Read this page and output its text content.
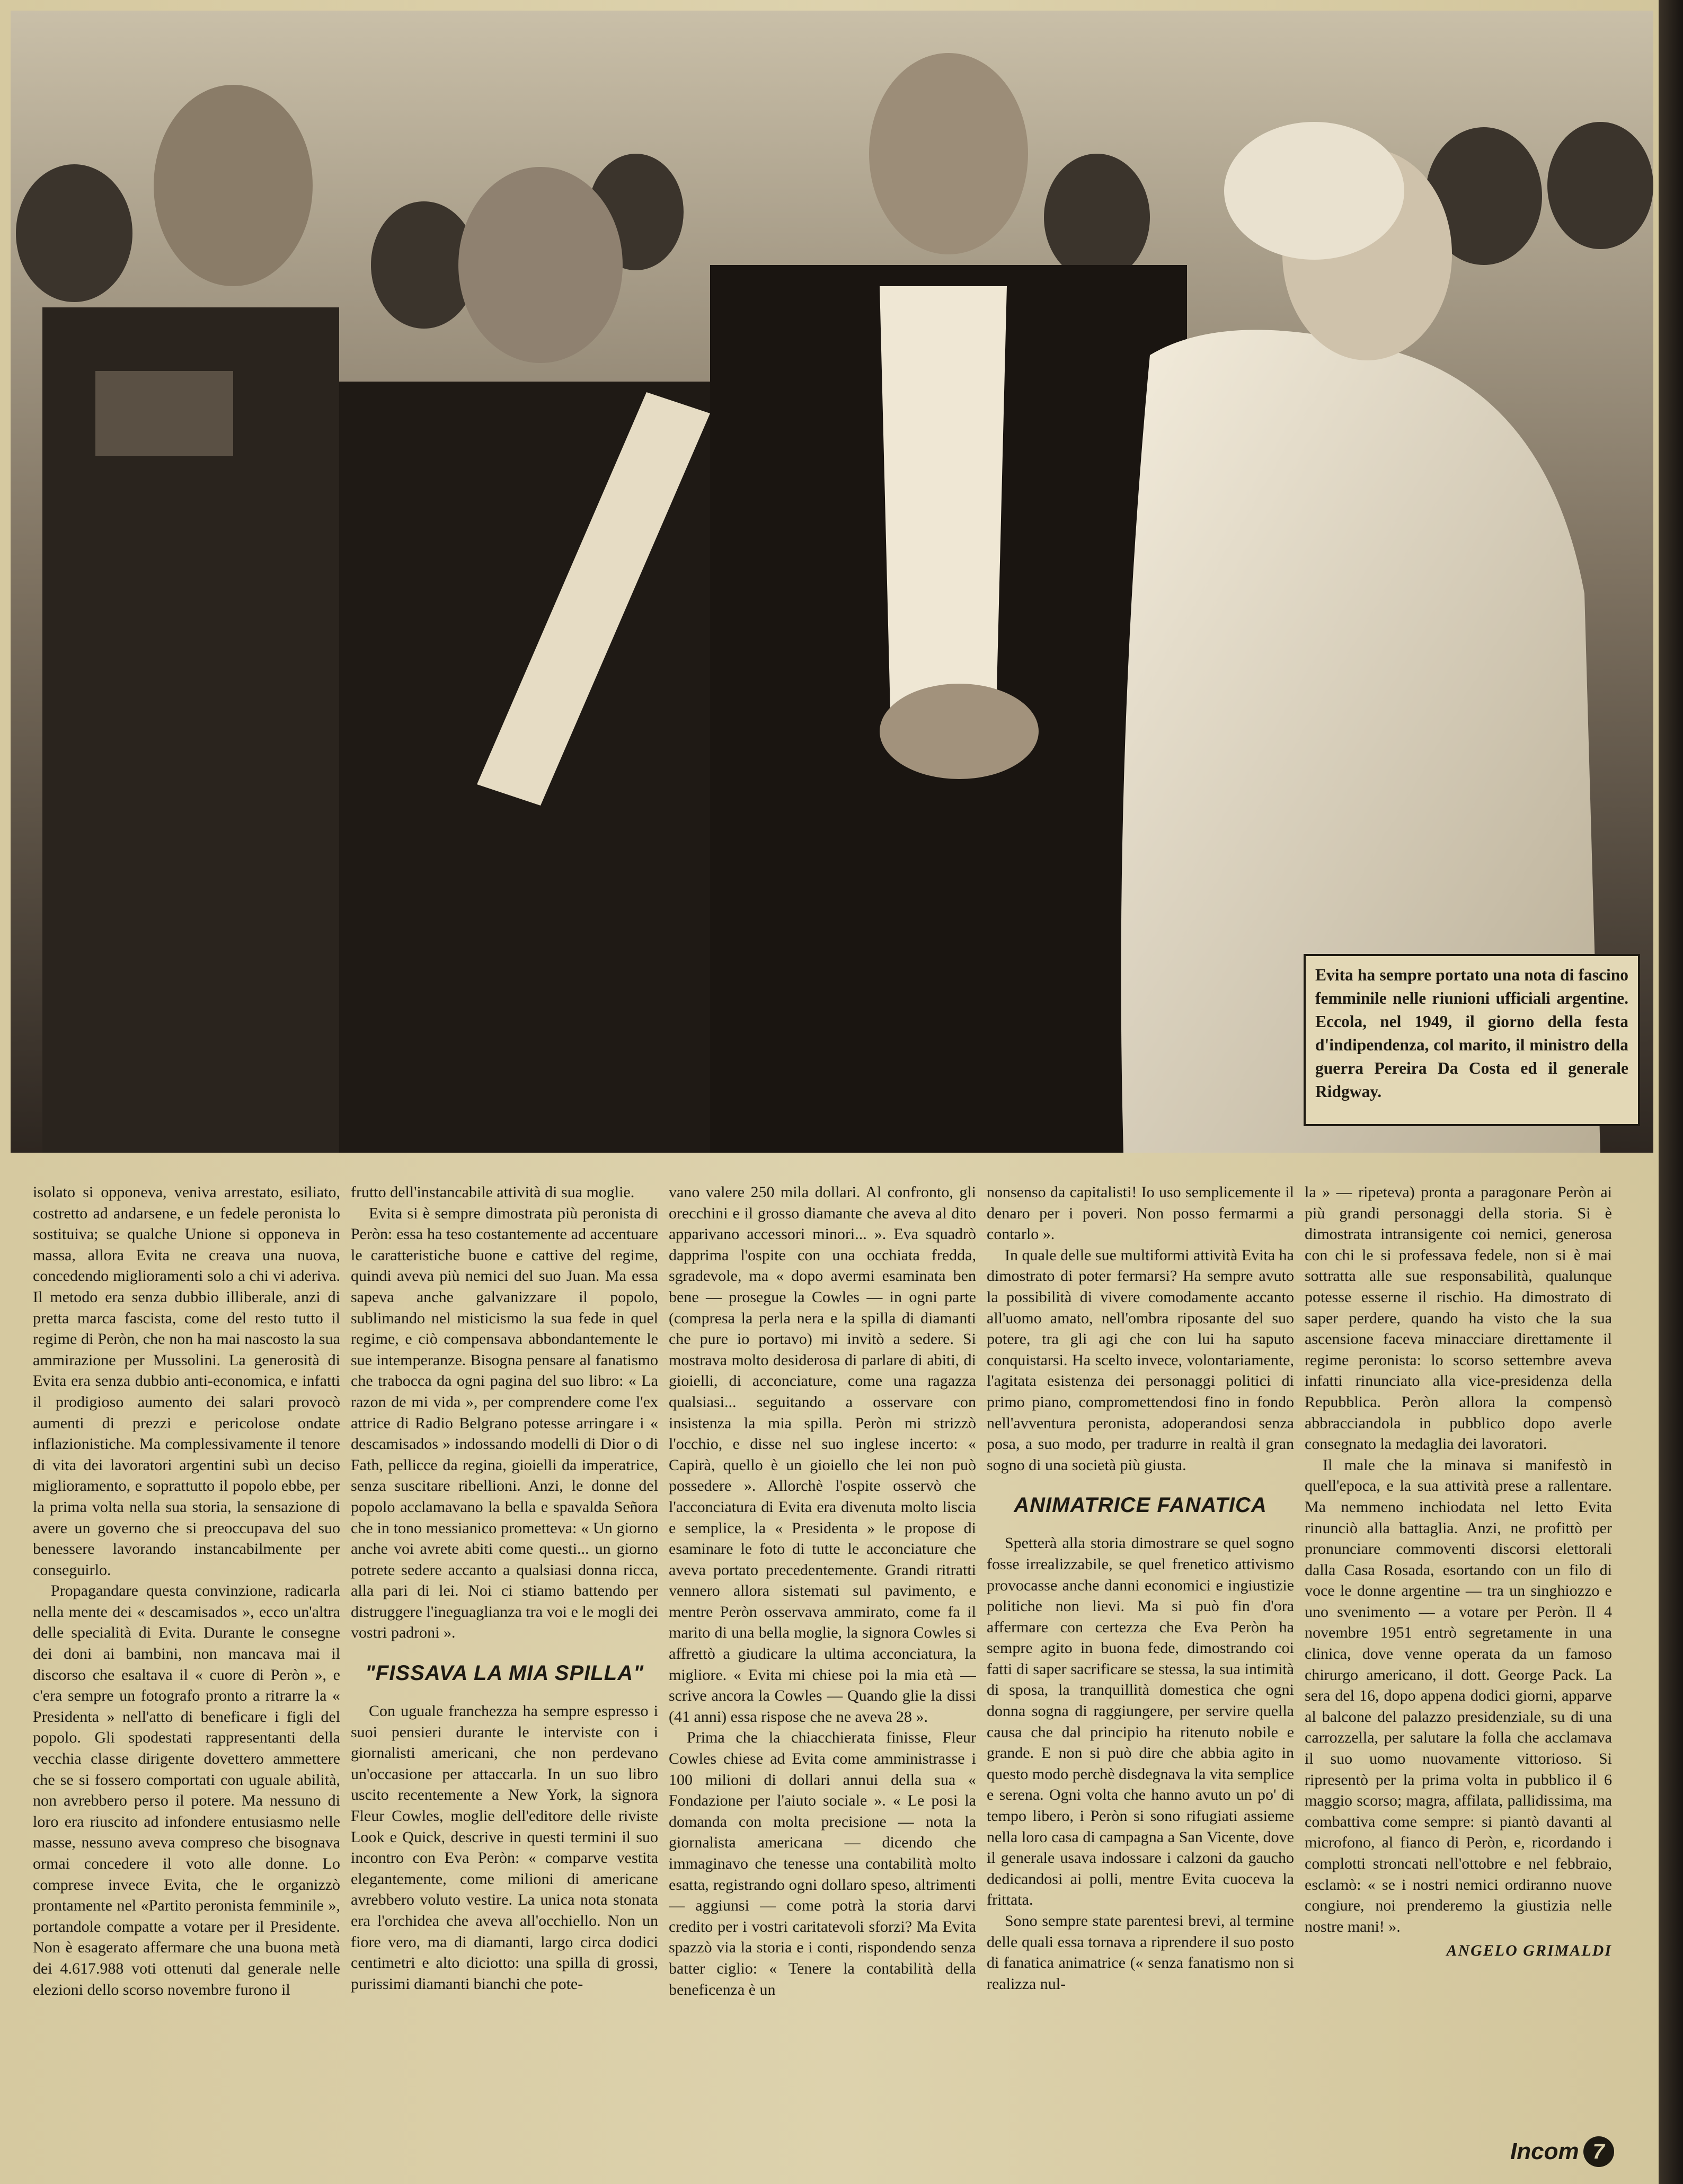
Evita ha sempre portato una nota di fascino femminile nelle riunioni ufficiali argentine. Eccola, nel 1949, il giorno della festa d'indipendenza, col marito, il ministro della guerra Pereira Da Costa ed il generale Ridgway.

isolato si opponeva, veniva arrestato, esiliato, costretto ad andarsene, e un fedele peronista lo sostituiva; se qualche Unione si opponeva in massa, allora Evita ne creava una nuova, concedendo miglioramenti solo a chi vi aderiva. Il metodo era senza dubbio illiberale, anzi di pretta marca fascista, come del resto tutto il regime di Peròn, che non ha mai nascosto la sua ammirazione per Mussolini. La generosità di Evita era senza dubbio anti-economica, e infatti il prodigioso aumento dei salari provocò aumenti di prezzi e pericolose ondate inflazionistiche. Ma complessivamente il tenore di vita dei lavoratori argentini subì un deciso miglioramento, e soprattutto il popolo ebbe, per la prima volta nella sua storia, la sensazione di avere un governo che si preoccupava del suo benessere lavorando instancabilmente per conseguirlo.

Propagandare questa convinzione, radicarla nella mente dei « descamisados », ecco un'altra delle specialità di Evita. Durante le consegne dei doni ai bambini, non mancava mai il discorso che esaltava il « cuore di Peròn », e c'era sempre un fotografo pronto a ritrarre la « Presidenta » nell'atto di beneficare i figli del popolo. Gli spodestati rappresentanti della vecchia classe dirigente dovettero ammettere che se si fossero comportati con uguale abilità, non avrebbero perso il potere. Ma nessuno di loro era riuscito ad infondere entusiasmo nelle masse, nessuno aveva compreso che bisognava ormai concedere il voto alle donne. Lo comprese invece Evita, che le organizzò prontamente nel «Partito peronista femminile », portandole compatte a votare per il Presidente. Non è esagerato affermare che una buona metà dei 4.617.988 voti ottenuti dal generale nelle elezioni dello scorso novembre furono il

frutto dell'instancabile attività di sua moglie.

Evita si è sempre dimostrata più peronista di Peròn: essa ha teso costantemente ad accentuare le caratteristiche buone e cattive del regime, quindi aveva più nemici del suo Juan. Ma essa sapeva anche galvanizzare il popolo, sublimando nel misticismo la sua fede in quel regime, e ciò compensava abbondantemente le sue intemperanze. Bisogna pensare al fanatismo che trabocca da ogni pagina del suo libro: « La razon de mi vida », per comprendere come l'ex attrice di Radio Belgrano potesse arringare i « descamisados » indossando modelli di Dior o di Fath, pellicce da regina, gioielli da imperatrice, senza suscitare ribellioni. Anzi, le donne del popolo acclamavano la bella e spavalda Señora che in tono messianico prometteva: « Un giorno anche voi avrete abiti come questi... un giorno potrete sedere accanto a qualsiasi donna ricca, alla pari di lei. Noi ci stiamo battendo per distruggere l'ineguaglianza tra voi e le mogli dei vostri padroni ».

"FISSAVA LA MIA SPILLA"

Con uguale franchezza ha sempre espresso i suoi pensieri durante le interviste con i giornalisti americani, che non perdevano un'occasione per attaccarla. In un suo libro uscito recentemente a New York, la signora Fleur Cowles, moglie dell'editore delle riviste Look e Quick, descrive in questi termini il suo incontro con Eva Peròn: « comparve vestita elegantemente, come milioni di americane avrebbero voluto vestire. La unica nota stonata era l'orchidea che aveva all'occhiello. Non un fiore vero, ma di diamanti, largo circa dodici centimetri e alto diciotto: una spilla di grossi, purissimi diamanti bianchi che pote-

vano valere 250 mila dollari. Al confronto, gli orecchini e il grosso diamante che aveva al dito apparivano accessori minori... ». Eva squadrò dapprima l'ospite con una occhiata fredda, sgradevole, ma « dopo avermi esaminata ben bene — prosegue la Cowles — in ogni parte (compresa la perla nera e la spilla di diamanti che pure io portavo) mi invitò a sedere. Si mostrava molto desiderosa di parlare di abiti, di gioielli, di acconciature, come una ragazza qualsiasi... seguitando a osservare con insistenza la mia spilla. Peròn mi strizzò l'occhio, e disse nel suo inglese incerto: « Capirà, quello è un gioiello che lei non può possedere ». Allorchè l'ospite osservò che l'acconciatura di Evita era divenuta molto liscia e semplice, la « Presidenta » le propose di esaminare le foto di tutte le acconciature che aveva portato precedentemente. Grandi ritratti vennero allora sistemati sul pavimento, e mentre Peròn osservava ammirato, come fa il marito di una bella moglie, la signora Cowles si affrettò a giudicare la ultima acconciatura, la migliore. « Evita mi chiese poi la mia età — scrive ancora la Cowles — Quando glie la dissi (41 anni) essa rispose che ne aveva 28 ».

Prima che la chiacchierata finisse, Fleur Cowles chiese ad Evita come amministrasse i 100 milioni di dollari annui della sua « Fondazione per l'aiuto sociale ». « Le posi la domanda con molta precisione — nota la giornalista americana — dicendo che immaginavo che tenesse una contabilità molto esatta, registrando ogni dollaro speso, altrimenti — aggiunsi — come potrà la storia darvi credito per i vostri caritatevoli sforzi? Ma Evita spazzò via la storia e i conti, rispondendo senza batter ciglio: « Tenere la contabilità della beneficenza è un

nonsenso da capitalisti! Io uso semplicemente il denaro per i poveri. Non posso fermarmi a contarlo ».

In quale delle sue multiformi attività Evita ha dimostrato di poter fermarsi? Ha sempre avuto la possibilità di vivere comodamente accanto all'uomo amato, nell'ombra riposante del suo potere, tra gli agi che con lui ha saputo conquistarsi. Ha scelto invece, volontariamente, l'agitata esistenza dei personaggi politici di primo piano, compromettendosi fino in fondo nell'avventura peronista, adoperandosi senza posa, a suo modo, per tradurre in realtà il gran sogno di una società più giusta.

ANIMATRICE FANATICA

Spetterà alla storia dimostrare se quel sogno fosse irrealizzabile, se quel frenetico attivismo provocasse anche danni economici e ingiustizie politiche non lievi. Ma si può fin d'ora affermare con certezza che Eva Peròn ha sempre agito in buona fede, dimostrando coi fatti di saper sacrificare se stessa, la sua intimità di sposa, la tranquillità domestica che ogni donna sogna di raggiungere, per servire quella causa che dal principio ha ritenuto nobile e grande. E non si può dire che abbia agito in questo modo perchè disdegnava la vita semplice e serena. Ogni volta che hanno avuto un po' di tempo libero, i Peròn si sono rifugiati assieme nella loro casa di campagna a San Vicente, dove il generale usava indossare i calzoni da gaucho dedicandosi ai polli, mentre Evita cuoceva la frittata.

Sono sempre state parentesi brevi, al termine delle quali essa tornava a riprendere il suo posto di fanatica animatrice (« senza fanatismo non si realizza nul-

la » — ripeteva) pronta a paragonare Peròn ai più grandi personaggi della storia. Si è dimostrata intransigente coi nemici, generosa con chi le si professava fedele, non si è mai sottratta alle sue responsabilità, qualunque potesse esserne il rischio. Ha dimostrato di saper perdere, quando ha visto che la sua ascensione faceva minacciare direttamente il regime peronista: lo scorso settembre aveva infatti rinunciato alla vice-presidenza della Repubblica. Peròn allora la compensò abbracciandola in pubblico dopo averle consegnato la medaglia dei lavoratori.

Il male che la minava si manifestò in quell'epoca, e la sua attività prese a rallentare. Ma nemmeno inchiodata nel letto Evita rinunciò alla battaglia. Anzi, ne profittò per pronunciare commoventi discorsi elettorali dalla Casa Rosada, esortando con un filo di voce le donne argentine — tra un singhiozzo e uno svenimento — a votare per Peròn. Il 4 novembre 1951 entrò segretamente in una clinica, dove venne operata da un famoso chirurgo americano, il dott. George Pack. La sera del 16, dopo appena dodici giorni, apparve al balcone del palazzo presidenziale, su di una carrozzella, per salutare la folla che acclamava il suo uomo nuovamente vittorioso. Si ripresentò per la prima volta in pubblico il 6 maggio scorso; magra, affilata, pallidissima, ma combattiva come sempre: si piantò davanti al microfono, al fianco di Peròn, e, ricordando i complotti stroncati nell'ottobre e nel febbraio, esclamò: « se i nostri nemici ordiranno nuove congiure, noi prenderemo la giustizia nelle nostre mani! ».

ANGELO GRIMALDI
Incom 7
